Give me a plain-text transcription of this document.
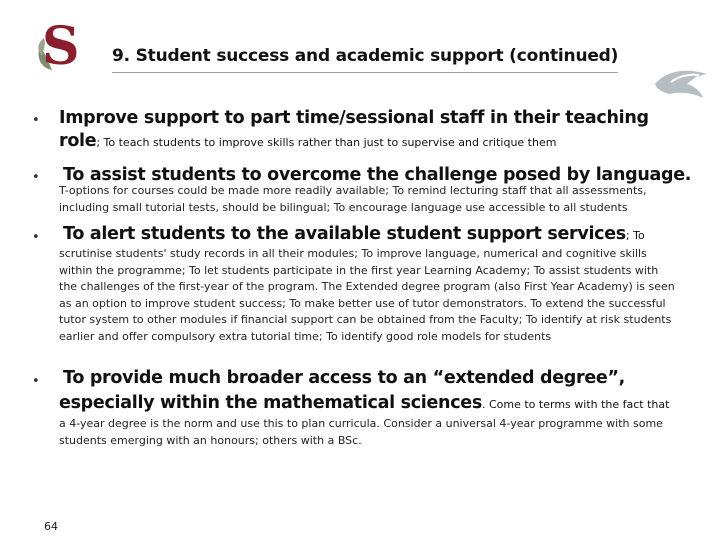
S 9. Student success and academic support (continued)
• Improve support to part time/sessional staff in their teaching
role; To teach students to improve skills rather than just to supervise and critique them
• To assist students to overcome the challenge posed by language.
T-options for courses could be made more readily available; To remind lecturing staff that all assessments, including small tutorial tests, should be bilingual; To encourage language use accessible to all students
• To alert students to the available student support services; To
scrutinise students' study records in all their modules; To improve language, numerical and cognitive skills within the programme; To let students participate in the first year Learning Academy; To assist students with the challenges of the first-year of the program. The Extended degree program (also First Year Academy) is seen as an option to improve student success; To make better use of tutor demonstrators. To extend the successful tutor system to other modules if financial support can be obtained from the Faculty; To identify at risk students earlier and offer compulsory extra tutorial time; To identify good role models for students
• To provide much broader access to an “extended degree”,
especially within the mathematical sciences. Come to terms with the fact that
a 4-year degree is the norm and use this to plan curricula. Consider a universal 4-year programme with some students emerging with an honours; others with a BSc.
64
